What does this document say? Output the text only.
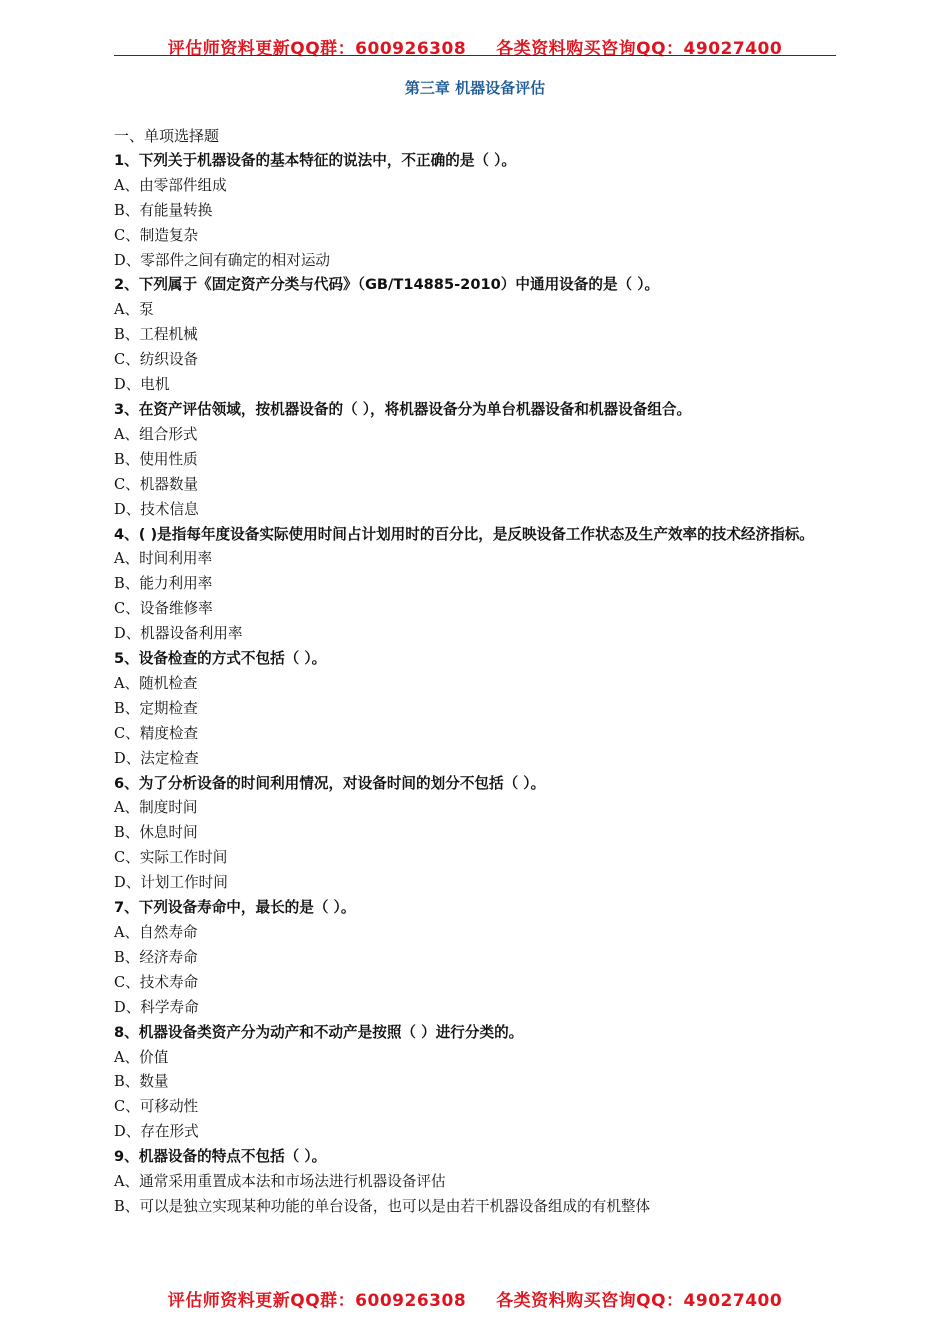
评估师资料更新QQ群：600926308 各类资料购买咨询QQ：49027400
第三章 机器设备评估

一、单项选择题

1、下列关于机器设备的基本特征的说法中，不正确的是（ ）。

A、由零部件组成

B、有能量转换

C、制造复杂

D、零部件之间有确定的相对运动

2、下列属于《固定资产分类与代码》（GB/T14885-2010）中通用设备的是（ ）。

A、泵

B、工程机械

C、纺织设备

D、电机

3、在资产评估领域，按机器设备的（ ），将机器设备分为单台机器设备和机器设备组合。

A、组合形式

B、使用性质

C、机器数量

D、技术信息

4、( )是指每年度设备实际使用时间占计划用时的百分比，是反映设备工作状态及生产效率的技术经济指标。

A、时间利用率

B、能力利用率

C、设备维修率

D、机器设备利用率

5、设备检查的方式不包括（ ）。

A、随机检查

B、定期检查

C、精度检查

D、法定检查

6、为了分析设备的时间利用情况，对设备时间的划分不包括（ ）。

A、制度时间

B、休息时间

C、实际工作时间

D、计划工作时间

7、下列设备寿命中，最长的是（ ）。

A、自然寿命

B、经济寿命

C、技术寿命

D、科学寿命

8、机器设备类资产分为动产和不动产是按照（ ）进行分类的。

A、价值

B、数量

C、可移动性

D、存在形式

9、机器设备的特点不包括（ ）。

A、通常采用重置成本法和市场法进行机器设备评估

B、可以是独立实现某种功能的单台设备，也可以是由若干机器设备组成的有机整体

评估师资料更新QQ群：600926308 各类资料购买咨询QQ：49027400
